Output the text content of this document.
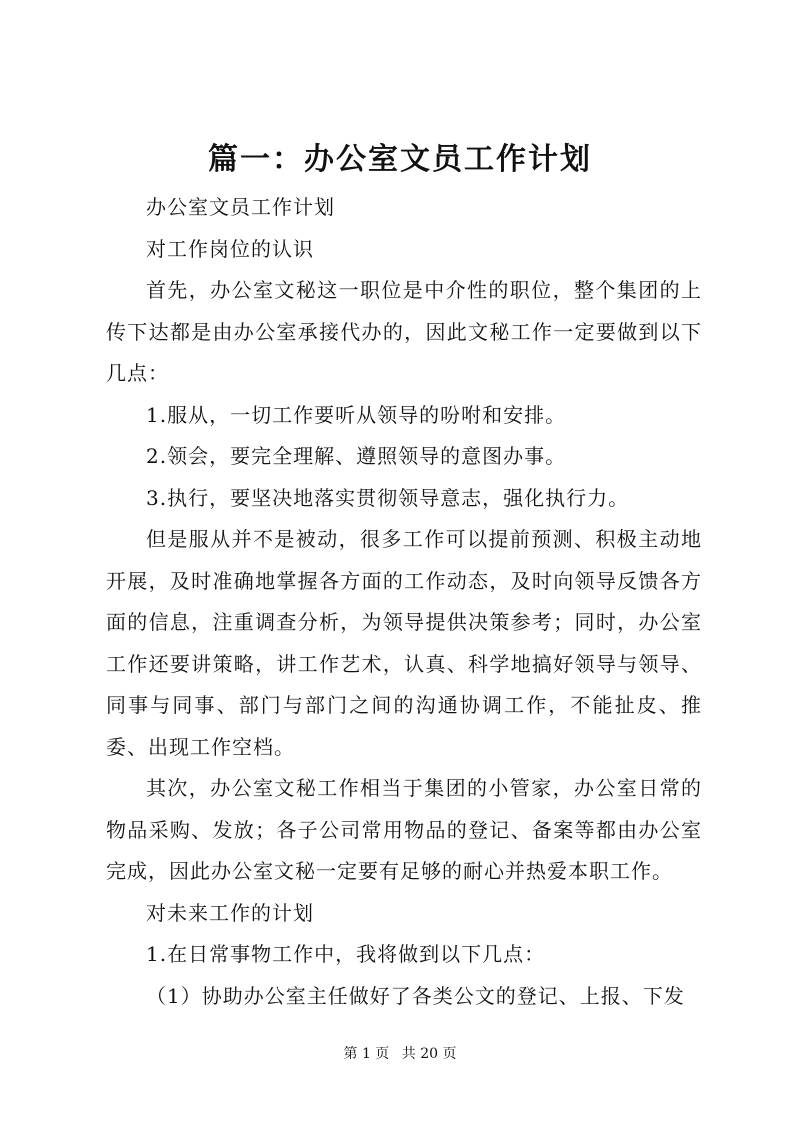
篇一：办公室文员工作计划

办公室文员工作计划

对工作岗位的认识

首先，办公室文秘这一职位是中介性的职位，整个集团的上传下达都是由办公室承接代办的，因此文秘工作一定要做到以下几点：

1.服从，一切工作要听从领导的吩咐和安排。

2.领会，要完全理解、遵照领导的意图办事。

3.执行，要坚决地落实贯彻领导意志，强化执行力。

但是服从并不是被动，很多工作可以提前预测、积极主动地开展，及时准确地掌握各方面的工作动态，及时向领导反馈各方面的信息，注重调查分析，为领导提供决策参考；同时，办公室工作还要讲策略，讲工作艺术，认真、科学地搞好领导与领导、同事与同事、部门与部门之间的沟通协调工作，不能扯皮、推委、出现工作空档。

其次，办公室文秘工作相当于集团的小管家，办公室日常的物品采购、发放；各子公司常用物品的登记、备案等都由办公室完成，因此办公室文秘一定要有足够的耐心并热爱本职工作。

对未来工作的计划

1.在日常事物工作中，我将做到以下几点：

（1）协助办公室主任做好了各类公文的登记、上报、下发

第 1 页 共 20 页
